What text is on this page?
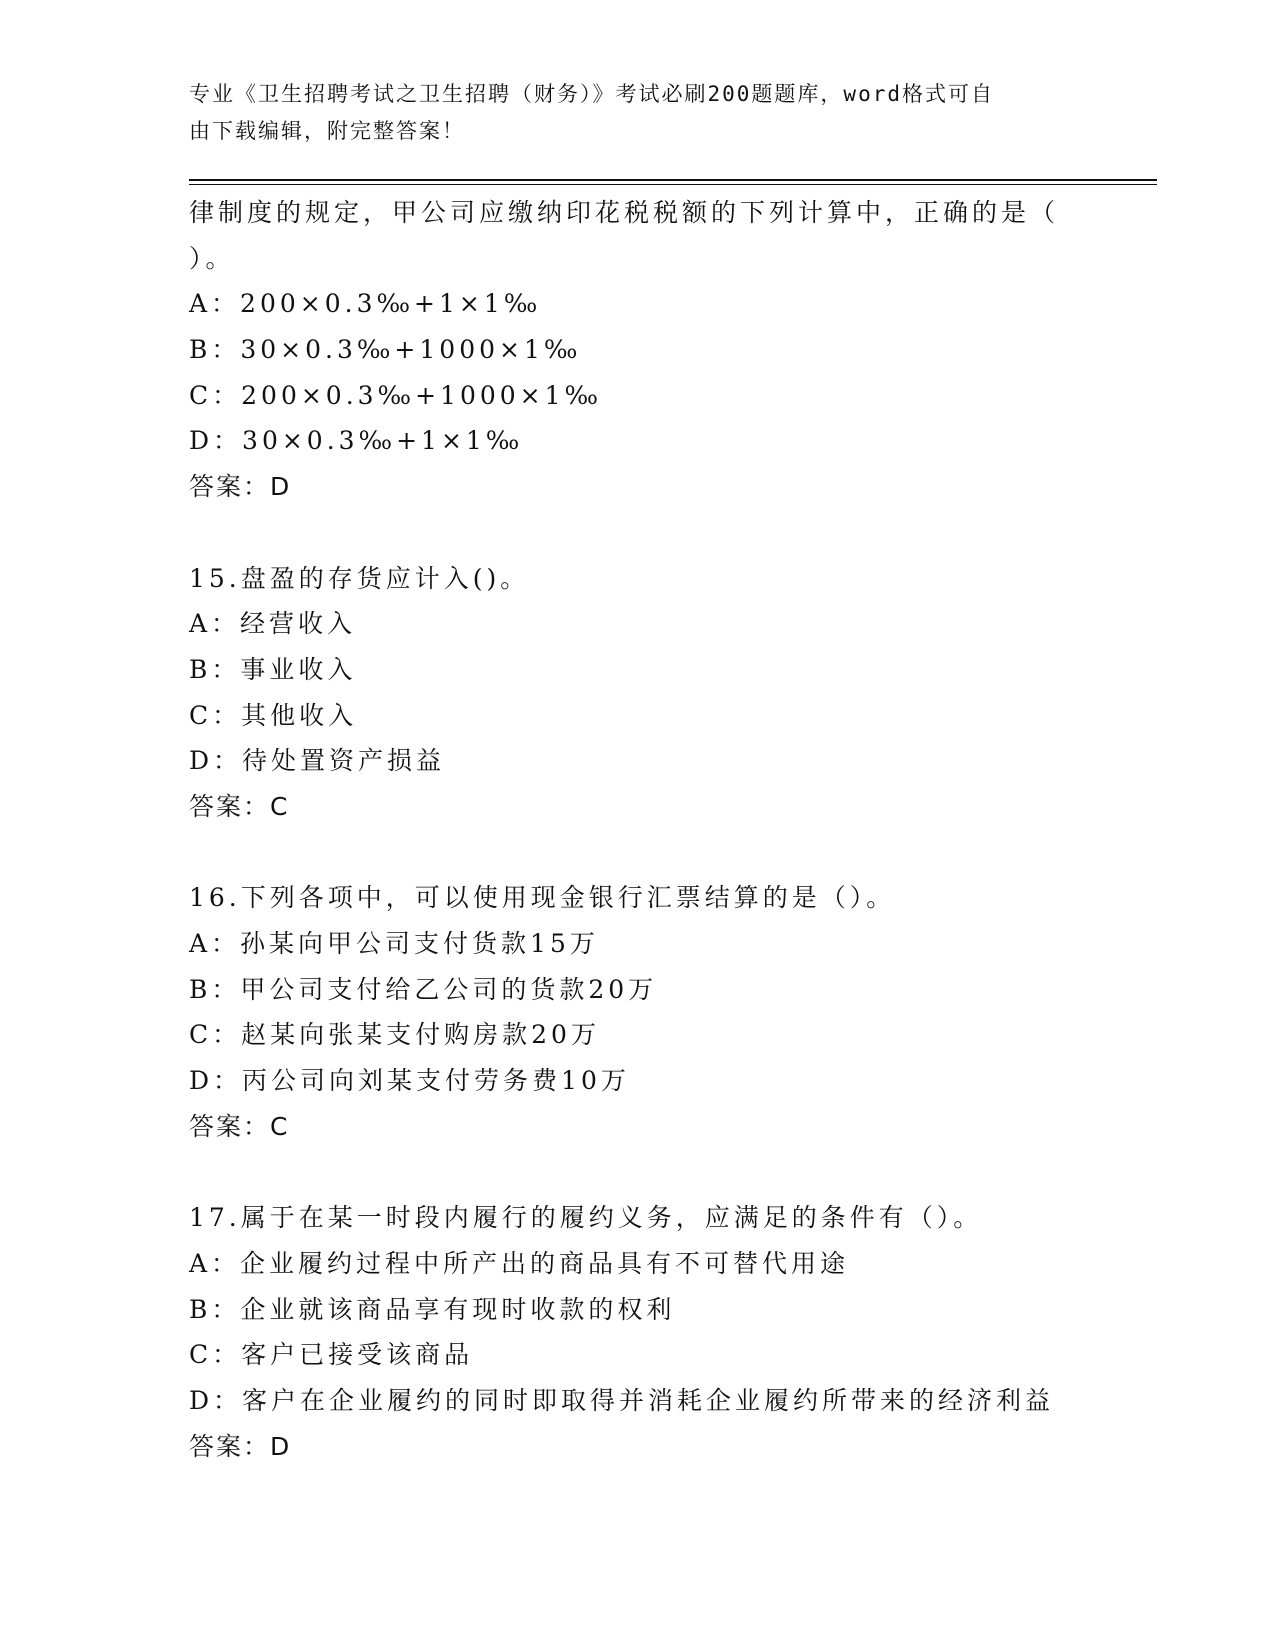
专业《卫生招聘考试之卫生招聘（财务）》考试必刷200题题库，word格式可自
由下载编辑，附完整答案！
律制度的规定，甲公司应缴纳印花税税额的下列计算中，正确的是（
）。
A：200×0.3‰+1×1‰
B：30×0.3‰+1000×1‰
C：200×0.3‰+1000×1‰
D：30×0.3‰+1×1‰
答案：D
15.盘盈的存货应计入()。
A：经营收入
B：事业收入
C：其他收入
D：待处置资产损益
答案：C
16.下列各项中，可以使用现金银行汇票结算的是（）。
A：孙某向甲公司支付货款15万
B：甲公司支付给乙公司的货款20万
C：赵某向张某支付购房款20万
D：丙公司向刘某支付劳务费10万
答案：C
17.属于在某一时段内履行的履约义务，应满足的条件有（）。
A：企业履约过程中所产出的商品具有不可替代用途
B：企业就该商品享有现时收款的权利
C：客户已接受该商品
D：客户在企业履约的同时即取得并消耗企业履约所带来的经济利益
答案：D
